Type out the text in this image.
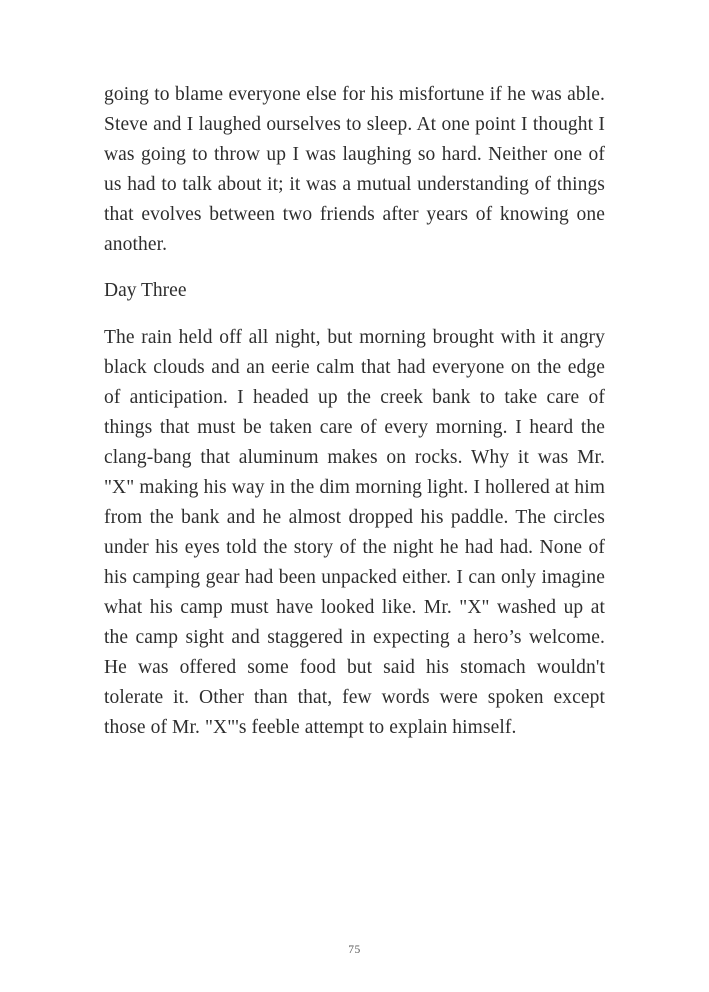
going to blame everyone else for his misfortune if he was able. Steve and I laughed ourselves to sleep. At one point I thought I was going to throw up I was laughing so hard. Neither one of us had to talk about it; it was a mutual understanding of things that evolves between two friends after years of knowing one another.

Day Three

The rain held off all night, but morning brought with it angry black clouds and an eerie calm that had everyone on the edge of anticipation. I headed up the creek bank to take care of things that must be taken care of every morning. I heard the clang-bang that aluminum makes on rocks. Why it was Mr. "X" making his way in the dim morning light. I hollered at him from the bank and he almost dropped his paddle. The circles under his eyes told the story of the night he had had. None of his camping gear had been unpacked either. I can only imagine what his camp must have looked like. Mr. "X" washed up at the camp sight and staggered in expecting a hero’s welcome. He was offered some food but said his stomach wouldn't tolerate it. Other than that, few words were spoken except those of Mr. "X"'s feeble attempt to explain himself.

75
